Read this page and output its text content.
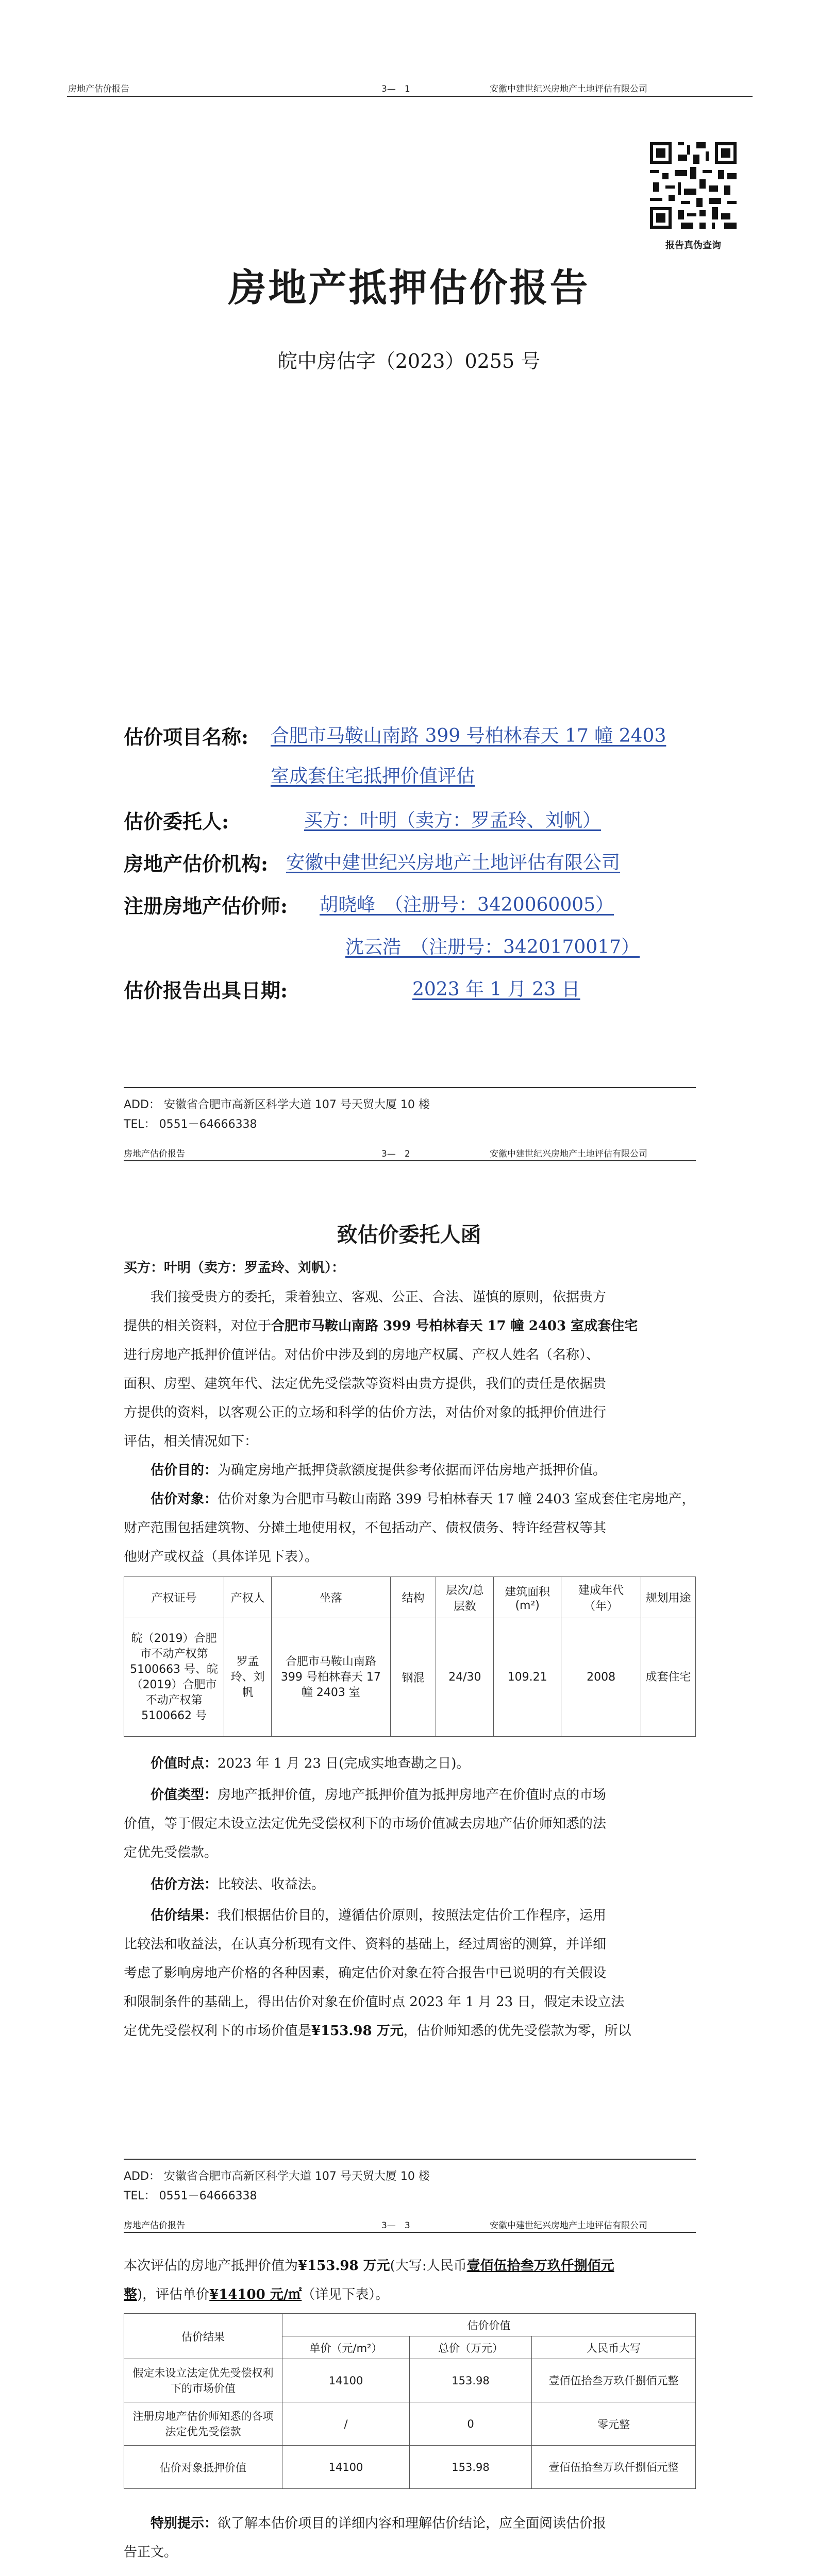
房地产估价报告	3—　1	安徽中建世纪兴房地产土地评估有限公司
报告真伪查询
房地产抵押估价报告
皖中房估字（2023）0255 号
估价项目名称: 合肥市马鞍山南路 399 号柏林春天 17 幢 2403
室成套住宅抵押价值评估
估价委托人:	买方：叶明（卖方：罗孟玲、刘帆）
房地产估价机构: 安徽中建世纪兴房地产土地评估有限公司
注册房地产估价师: 胡晓峰　（注册号：3420060005）
沈云浩　（注册号：3420170017）
估价报告出具日期:	2023 年 1 月 23 日
ADD： 安徽省合肥市高新区科学大道 107 号天贸大厦 10 楼
TEL： 0551－64666338
房地产估价报告	3—　2	安徽中建世纪兴房地产土地评估有限公司
致估价委托人函
买方：叶明（卖方：罗孟玲、刘帆）：
我们接受贵方的委托，秉着独立、客观、公正、合法、谨慎的原则，依据贵方
提供的相关资料，对位于合肥市马鞍山南路 399 号柏林春天 17 幢 2403 室成套住宅
进行房地产抵押价值评估。对估价中涉及到的房地产权属、产权人姓名（名称）、
面积、房型、建筑年代、法定优先受偿款等资料由贵方提供，我们的责任是依据贵
方提供的资料，以客观公正的立场和科学的估价方法，对估价对象的抵押价值进行
评估，相关情况如下：
估价目的：为确定房地产抵押贷款额度提供参考依据而评估房地产抵押价值。
估价对象：估价对象为合肥市马鞍山南路 399 号柏林春天 17 幢 2403 室成套住宅房地产，
财产范围包括建筑物、分摊土地使用权，不包括动产、债权债务、特许经营权等其
他财产或权益（具体详见下表）。
产权证号	产权人	坐落	结构	层次/总层数	建筑面积(m²)	建成年代（年）	规划用途
皖（2019）合肥市不动产权第5100663 号、皖（2019）合肥市不动产权第5100662 号	罗孟玲、刘帆	合肥市马鞍山南路 399 号柏林春天 17 幢 2403 室	钢混	24/30	109.21	2008	成套住宅
价值时点：2023 年 1 月 23 日(完成实地查勘之日)。
价值类型：房地产抵押价值，房地产抵押价值为抵押房地产在价值时点的市场
价值，等于假定未设立法定优先受偿权利下的市场价值减去房地产估价师知悉的法
定优先受偿款。
估价方法：比较法、收益法。
估价结果：我们根据估价目的，遵循估价原则，按照法定估价工作程序，运用
比较法和收益法，在认真分析现有文件、资料的基础上，经过周密的测算，并详细
考虑了影响房地产价格的各种因素，确定估价对象在符合报告中已说明的有关假设
和限制条件的基础上，得出估价对象在价值时点 2023 年 1 月 23 日，假定未设立法
定优先受偿权利下的市场价值是¥153.98 万元，估价师知悉的优先受偿款为零，所以
ADD： 安徽省合肥市高新区科学大道 107 号天贸大厦 10 楼
TEL： 0551－64666338
房地产估价报告	3—　3	安徽中建世纪兴房地产土地评估有限公司
本次评估的房地产抵押价值为¥153.98 万元(大写:人民币壹佰伍拾叁万玖仟捌佰元
整)，评估单价¥14100 元/㎡（详见下表）。
估价结果	估价价值		
	单价（元/m²）	总价（万元）	人民币大写
假定未设立法定优先受偿权利下的市场价值	14100	153.98	壹佰伍拾叁万玖仟捌佰元整
注册房地产估价师知悉的各项法定优先受偿款	/	0	零元整
估价对象抵押价值	14100	153.98	壹佰伍拾叁万玖仟捌佰元整
特别提示：欲了解本估价项目的详细内容和理解估价结论，应全面阅读估价报
告正文。
